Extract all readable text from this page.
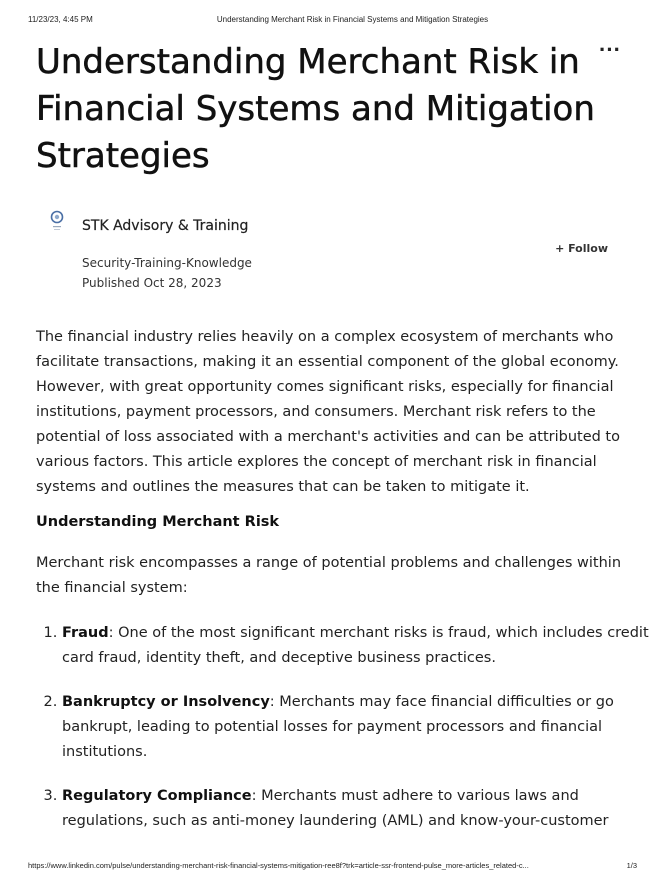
11/23/23, 4:45 PM	Understanding Merchant Risk in Financial Systems and Mitigation Strategies
···
Understanding Merchant Risk in Financial Systems and Mitigation Strategies
STK Advisory & Training
+ Follow
Security-Training-Knowledge
Published Oct 28, 2023
The financial industry relies heavily on a complex ecosystem of merchants who facilitate transactions, making it an essential component of the global economy. However, with great opportunity comes significant risks, especially for financial institutions, payment processors, and consumers. Merchant risk refers to the potential of loss associated with a merchant's activities and can be attributed to various factors. This article explores the concept of merchant risk in financial systems and outlines the measures that can be taken to mitigate it.
Understanding Merchant Risk
Merchant risk encompasses a range of potential problems and challenges within the financial system:
1. Fraud: One of the most significant merchant risks is fraud, which includes credit card fraud, identity theft, and deceptive business practices.
2. Bankruptcy or Insolvency: Merchants may face financial difficulties or go bankrupt, leading to potential losses for payment processors and financial institutions.
3. Regulatory Compliance: Merchants must adhere to various laws and regulations, such as anti-money laundering (AML) and know-your-customer
https://www.linkedin.com/pulse/understanding-merchant-risk-financial-systems-mitigation-ree8f?trk=article-ssr-frontend-pulse_more-articles_related-c...	1/3
